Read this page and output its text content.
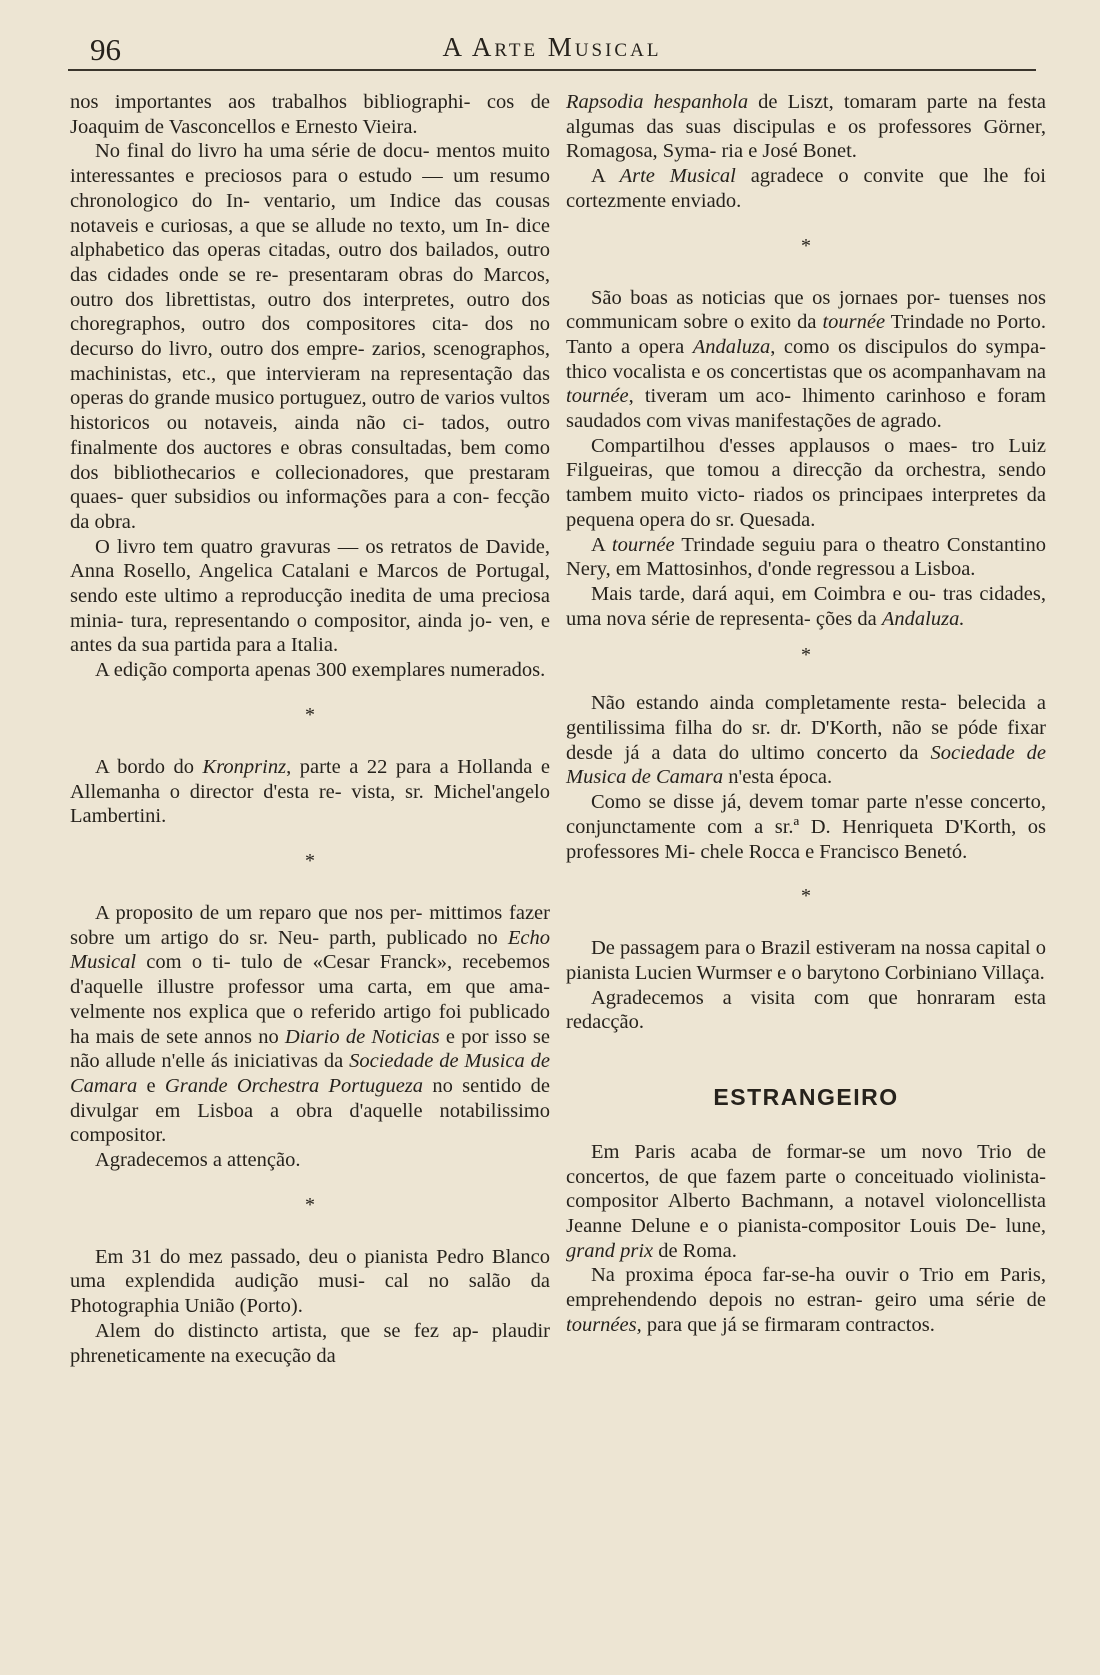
96	A Arte Musical

nos importantes aos trabalhos bibliographi- cos de Joaquim de Vasconcellos e Ernesto Vieira.

No final do livro ha uma série de docu- mentos muito interessantes e preciosos para o estudo — um resumo chronologico do In- ventario, um Indice das cousas notaveis e curiosas, a que se allude no texto, um In- dice alphabetico das operas citadas, outro dos bailados, outro das cidades onde se re- presentaram obras do Marcos, outro dos librettistas, outro dos interpretes, outro dos choregraphos, outro dos compositores cita- dos no decurso do livro, outro dos empre- zarios, scenographos, machinistas, etc., que intervieram na representação das operas do grande musico portuguez, outro de varios vultos historicos ou notaveis, ainda não ci- tados, outro finalmente dos auctores e obras consultadas, bem como dos bibliothecarios e collecionadores, que prestaram quaes- quer subsidios ou informações para a con- fecção da obra.

O livro tem quatro gravuras — os retratos de Davide, Anna Rosello, Angelica Catalani e Marcos de Portugal, sendo este ultimo a reproducção inedita de uma preciosa minia- tura, representando o compositor, ainda jo- ven, e antes da sua partida para a Italia.

A edição comporta apenas 300 exemplares numerados.

*

A bordo do Kronprinz, parte a 22 para a Hollanda e Allemanha o director d'esta re- vista, sr. Michel'angelo Lambertini.

*

A proposito de um reparo que nos per- mittimos fazer sobre um artigo do sr. Neu- parth, publicado no Echo Musical com o ti- tulo de «Cesar Franck», recebemos d'aquelle illustre professor uma carta, em que ama- velmente nos explica que o referido artigo foi publicado ha mais de sete annos no Diario de Noticias e por isso se não allude n'elle ás iniciativas da Sociedade de Musica de Camara e Grande Orchestra Portugueza no sentido de divulgar em Lisboa a obra d'aquelle notabilissimo compositor.

Agradecemos a attenção.

*

Em 31 do mez passado, deu o pianista Pedro Blanco uma explendida audição musi- cal no salão da Photographia União (Porto).

Alem do distincto artista, que se fez ap- plaudir phreneticamente na execução da

Rapsodia hespanhola de Liszt, tomaram parte na festa algumas das suas discipulas e os professores Görner, Romagosa, Syma- ria e José Bonet.

A Arte Musical agradece o convite que lhe foi cortezmente enviado.

*

São boas as noticias que os jornaes por- tuenses nos communicam sobre o exito da tournée Trindade no Porto. Tanto a opera Andaluza, como os discipulos do sympa- thico vocalista e os concertistas que os acompanhavam na tournée, tiveram um aco- lhimento carinhoso e foram saudados com vivas manifestações de agrado.

Compartilhou d'esses applausos o maes- tro Luiz Filgueiras, que tomou a direcção da orchestra, sendo tambem muito victo- riados os principaes interpretes da pequena opera do sr. Quesada.

A tournée Trindade seguiu para o theatro Constantino Nery, em Mattosinhos, d'onde regressou a Lisboa.

Mais tarde, dará aqui, em Coimbra e ou- tras cidades, uma nova série de representa- ções da Andaluza.

*

Não estando ainda completamente resta- belecida a gentilissima filha do sr. dr. D'Korth, não se póde fixar desde já a data do ultimo concerto da Sociedade de Musica de Camara n'esta época.

Como se disse já, devem tomar parte n'esse concerto, conjunctamente com a sr.ª D. Henriqueta D'Korth, os professores Mi- chele Rocca e Francisco Benetó.

*

De passagem para o Brazil estiveram na nossa capital o pianista Lucien Wurmser e o barytono Corbiniano Villaça.

Agradecemos a visita com que honraram esta redacção.

ESTRANGEIRO

Em Paris acaba de formar-se um novo Trio de concertos, de que fazem parte o conceituado violinista-compositor Alberto Bachmann, a notavel violoncellista Jeanne Delune e o pianista-compositor Louis De- lune, grand prix de Roma.

Na proxima época far-se-ha ouvir o Trio em Paris, emprehendendo depois no estran- geiro uma série de tournées, para que já se firmaram contractos.
